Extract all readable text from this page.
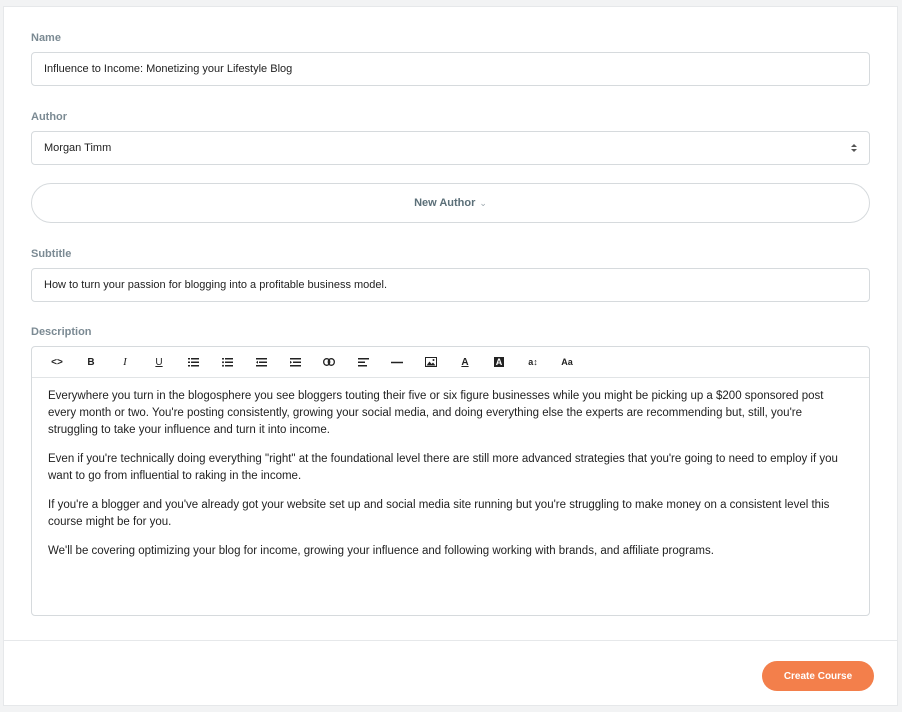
Name
Influence to Income: Monetizing your Lifestyle Blog
Author
Morgan Timm
New Author ⌄
Subtitle
How to turn your passion for blogging into a profitable business model.
Description
<> B	I	U	A	A	a↕	Aa

Everywhere you turn in the blogosphere you see bloggers touting their five or six figure businesses while you might be picking up a $200 sponsored post every month or two. You're posting consistently, growing your social media, and doing everything else the experts are recommending but, still, you're struggling to take your influence and turn it into income.

Even if you're technically doing everything "right" at the foundational level there are still more advanced strategies that you're going to need to employ if you want to go from influential to raking in the income.

If you're a blogger and you've already got your website set up and social media site running but you're struggling to make money on a consistent level this course might be for you.

We'll be covering optimizing your blog for income, growing your influence and following working with brands, and affiliate programs.

Create Course
